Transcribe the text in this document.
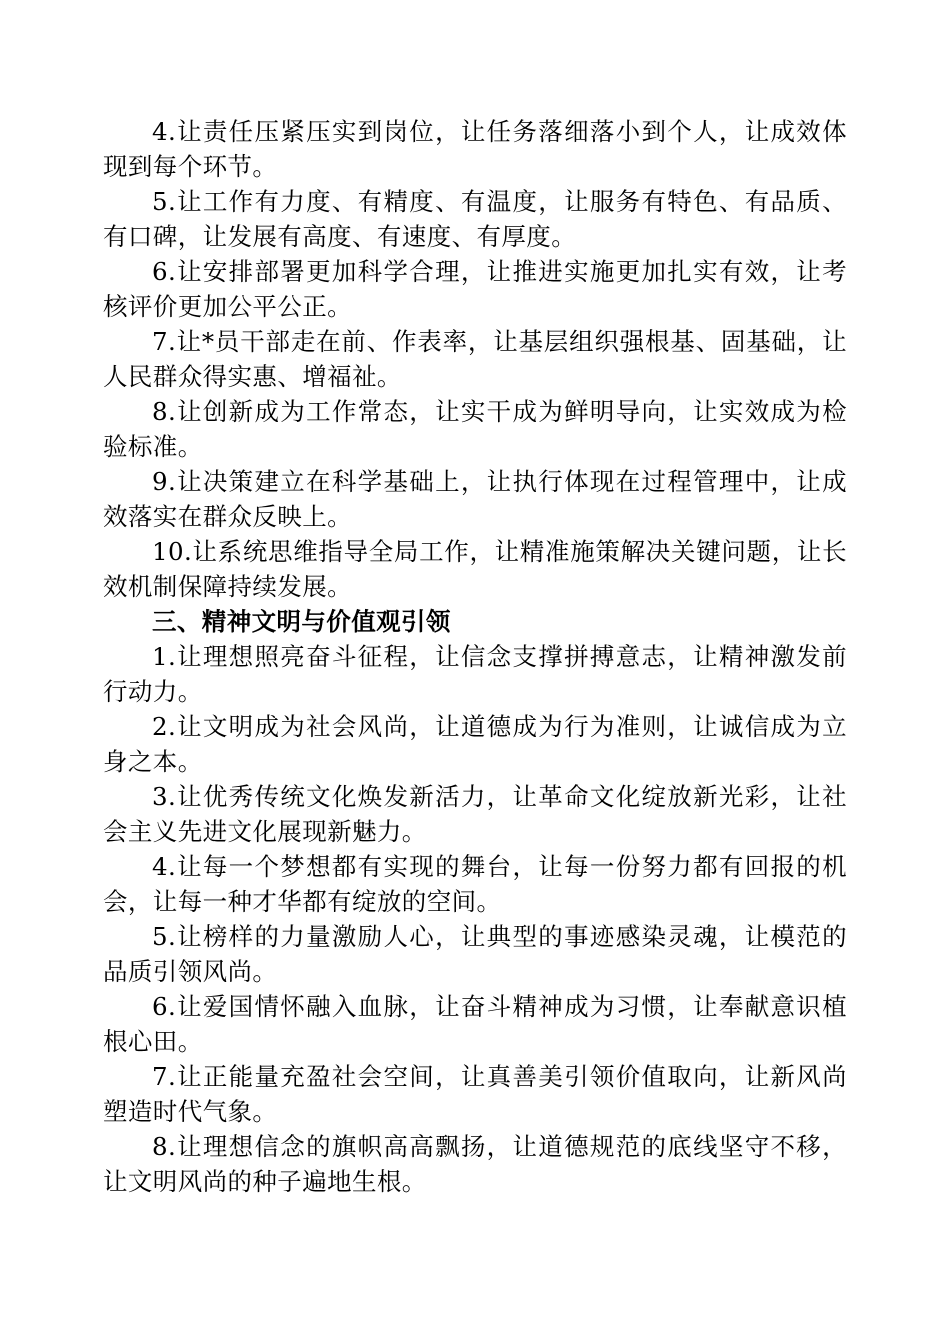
4.让责任压紧压实到岗位，让任务落细落小到个人，让成效体现到每个环节。

5.让工作有力度、有精度、有温度，让服务有特色、有品质、有口碑，让发展有高度、有速度、有厚度。

6.让安排部署更加科学合理，让推进实施更加扎实有效，让考核评价更加公平公正。

7.让*员干部走在前、作表率，让基层组织强根基、固基础，让人民群众得实惠、增福祉。

8.让创新成为工作常态，让实干成为鲜明导向，让实效成为检验标准。

9.让决策建立在科学基础上，让执行体现在过程管理中，让成效落实在群众反映上。

10.让系统思维指导全局工作，让精准施策解决关键问题，让长效机制保障持续发展。

三、精神文明与价值观引领

1.让理想照亮奋斗征程，让信念支撑拼搏意志，让精神激发前行动力。

2.让文明成为社会风尚，让道德成为行为准则，让诚信成为立身之本。

3.让优秀传统文化焕发新活力，让革命文化绽放新光彩，让社会主义先进文化展现新魅力。

4.让每一个梦想都有实现的舞台，让每一份努力都有回报的机会，让每一种才华都有绽放的空间。

5.让榜样的力量激励人心，让典型的事迹感染灵魂，让模范的品质引领风尚。

6.让爱国情怀融入血脉，让奋斗精神成为习惯，让奉献意识植根心田。

7.让正能量充盈社会空间，让真善美引领价值取向，让新风尚塑造时代气象。

8.让理想信念的旗帜高高飘扬，让道德规范的底线坚守不移，让文明风尚的种子遍地生根。
